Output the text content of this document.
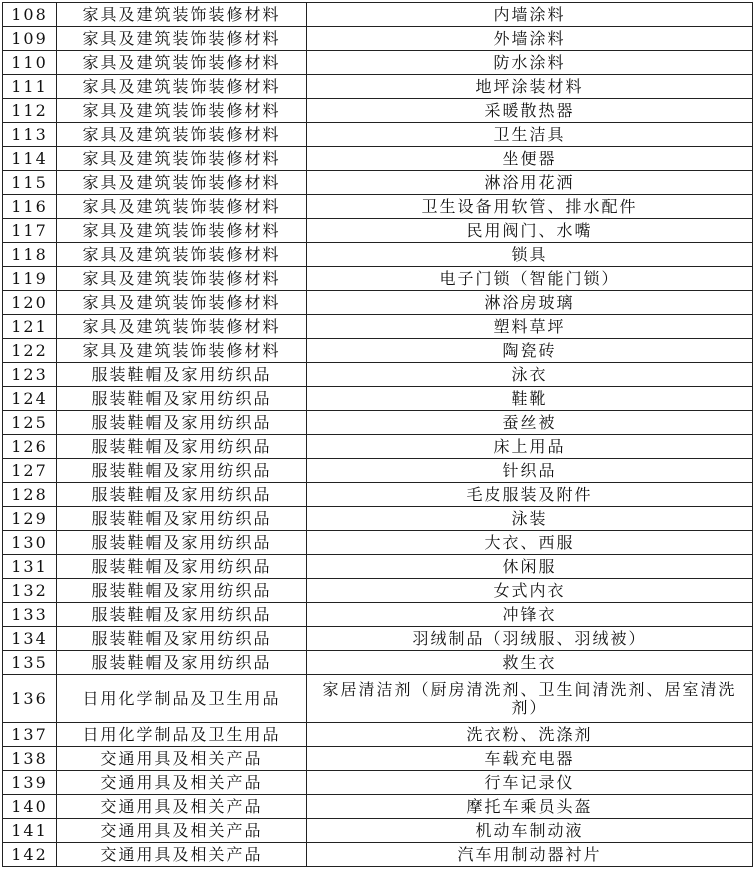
108	家具及建筑装饰装修材料	内墙涂料
109	家具及建筑装饰装修材料	外墙涂料
110	家具及建筑装饰装修材料	防水涂料
111	家具及建筑装饰装修材料	地坪涂装材料
112	家具及建筑装饰装修材料	采暖散热器
113	家具及建筑装饰装修材料	卫生洁具
114	家具及建筑装饰装修材料	坐便器
115	家具及建筑装饰装修材料	淋浴用花洒
116	家具及建筑装饰装修材料	卫生设备用软管、排水配件
117	家具及建筑装饰装修材料	民用阀门、水嘴
118	家具及建筑装饰装修材料	锁具
119	家具及建筑装饰装修材料	电子门锁（智能门锁）
120	家具及建筑装饰装修材料	淋浴房玻璃
121	家具及建筑装饰装修材料	塑料草坪
122	家具及建筑装饰装修材料	陶瓷砖
123	服装鞋帽及家用纺织品	泳衣
124	服装鞋帽及家用纺织品	鞋靴
125	服装鞋帽及家用纺织品	蚕丝被
126	服装鞋帽及家用纺织品	床上用品
127	服装鞋帽及家用纺织品	针织品
128	服装鞋帽及家用纺织品	毛皮服装及附件
129	服装鞋帽及家用纺织品	泳装
130	服装鞋帽及家用纺织品	大衣、西服
131	服装鞋帽及家用纺织品	休闲服
132	服装鞋帽及家用纺织品	女式内衣
133	服装鞋帽及家用纺织品	冲锋衣
134	服装鞋帽及家用纺织品	羽绒制品（羽绒服、羽绒被）
135	服装鞋帽及家用纺织品	救生衣
136	日用化学制品及卫生用品	家居清洁剂（厨房清洗剂、卫生间清洗剂、居室清洗剂）
137	日用化学制品及卫生用品	洗衣粉、洗涤剂
138	交通用具及相关产品	车载充电器
139	交通用具及相关产品	行车记录仪
140	交通用具及相关产品	摩托车乘员头盔
141	交通用具及相关产品	机动车制动液
142	交通用具及相关产品	汽车用制动器衬片
